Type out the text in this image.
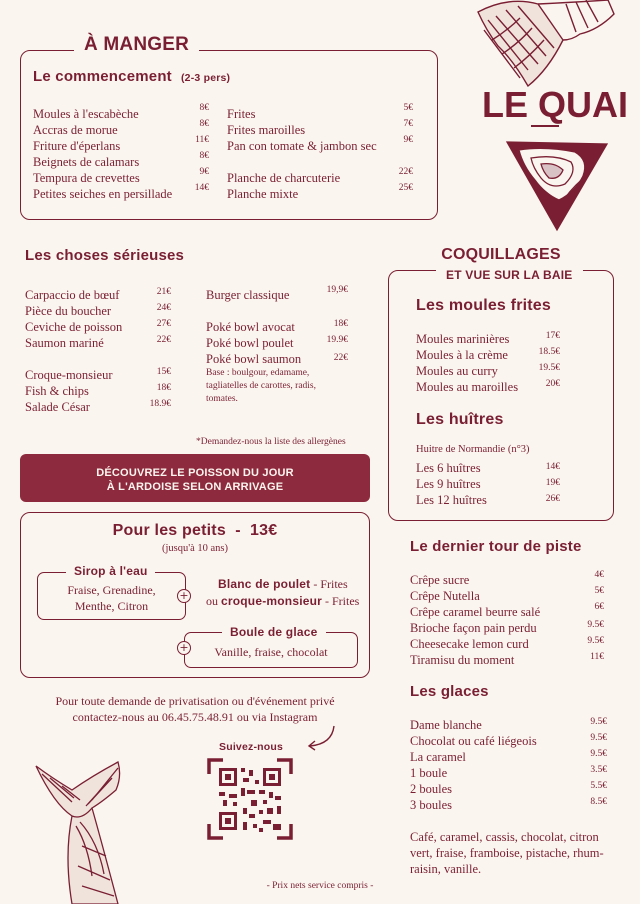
LE QUAI
À MANGER
Le commencement (2-3 pers)
Moules à l'escabèche	8€
Accras de morue	8€
Friture d'éperlans	11€
Beignets de calamars	8€
Tempura de crevettes	9€
Petites seiches en persillade 14€
Frites	5€
Frites maroilles	7€
Pan con tomate & jambon sec	9€
Planche de charcuterie	22€
Planche mixte	25€
Les choses sérieuses
Carpaccio de bœuf	21€
Pièce du boucher	24€
Ceviche de poisson	27€
Saumon mariné	22€
Croque-monsieur	15€
Fish & chips	18€
Salade César	18.9€
Burger classique	19,9€
Poké bowl avocat	18€
Poké bowl poulet	19.9€
Poké bowl saumon	22€
Base : boulgour, edamame, tagliatelles de carottes, radis, tomates.
*Demandez-nous la liste des allergènes
DÉCOUVREZ LE POISSON DU JOUR
À L'ARDOISE SELON ARRIVAGE
Pour les petits  -  13€
(jusqu'à 10 ans)
Sirop à l'eau
Fraise, Grenadine,
Menthe, Citron
+
Blanc de poulet - Frites
ou croque-monsieur - Frites
Boule de glace
Vanille, fraise, chocolat
+
Pour toute demande de privatisation ou d'événement privé
contactez-nous au 06.45.75.48.91 ou via Instagram
Suivez-nous
COQUILLAGES
ET VUE SUR LA BAIE
Les moules frites
Moules marinières	17€
Moules à la crème	18.5€
Moules au curry	19.5€
Moules au maroilles	20€
Les huîtres
Huitre de Normandie (n°3)
Les 6 huîtres	14€
Les 9 huîtres	19€
Les 12 huîtres	26€
Le dernier tour de piste
Crêpe sucre	4€
Crêpe Nutella	5€
Crêpe caramel beurre salé	6€
Brioche façon pain perdu	9.5€
Cheesecake lemon curd	9.5€
Tiramisu du moment	11€
Les glaces
Dame blanche	9.5€
Chocolat ou café liégeois	9.5€
La caramel	9.5€
1 boule	3.5€
2 boules	5.5€
3 boules	8.5€
Café, caramel, cassis, chocolat, citron
vert, fraise, framboise, pistache, rhum-
raisin, vanille.
- Prix nets service compris -
